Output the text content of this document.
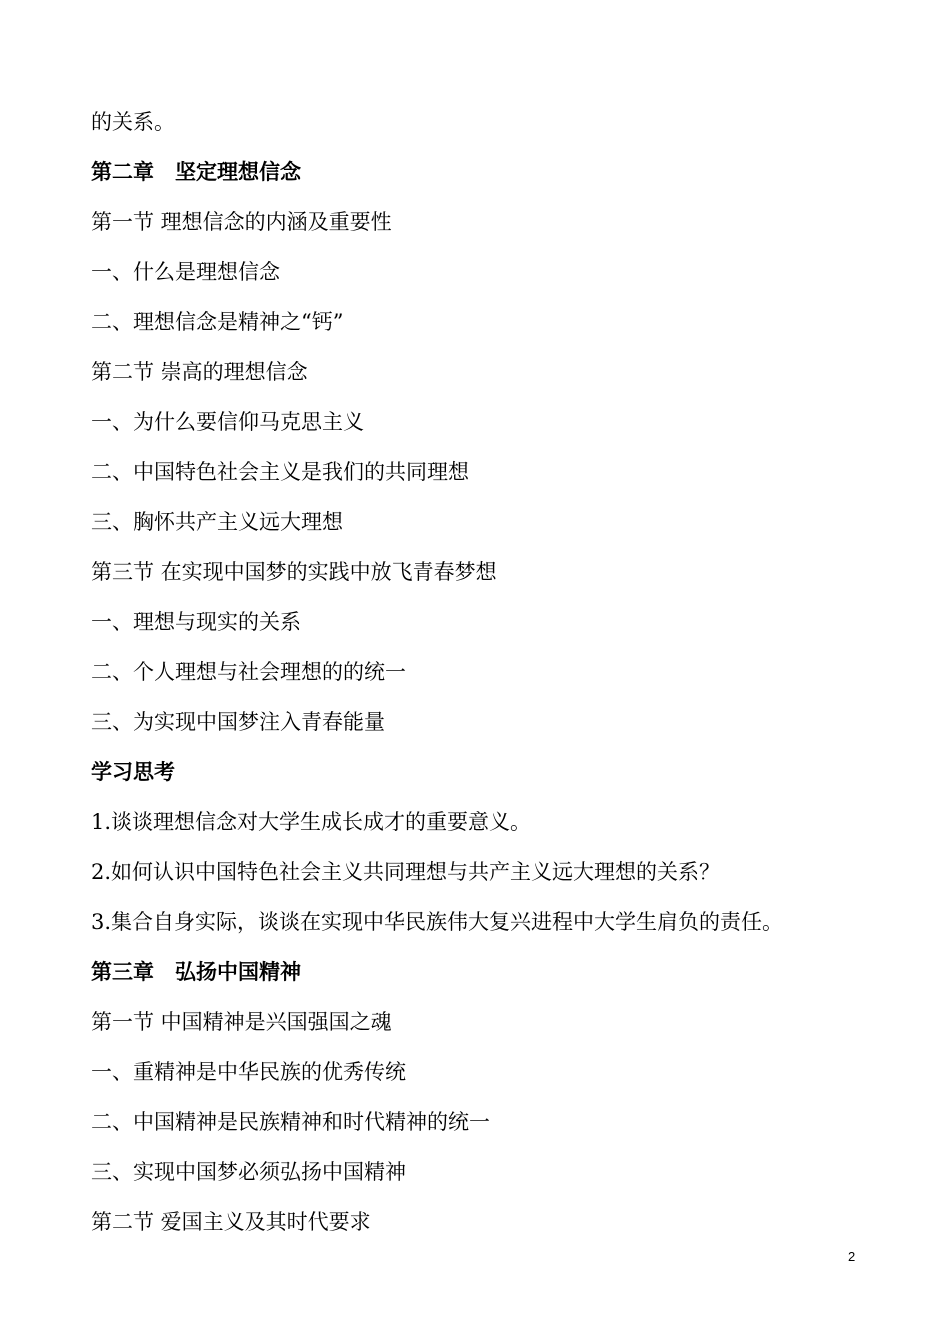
的关系。
第二章　坚定理想信念
第一节 理想信念的内涵及重要性
一、什么是理想信念
二、理想信念是精神之“钙”
第二节 崇高的理想信念
一、为什么要信仰马克思主义
二、中国特色社会主义是我们的共同理想
三、胸怀共产主义远大理想
第三节 在实现中国梦的实践中放飞青春梦想
一、理想与现实的关系
二、个人理想与社会理想的的统一
三、为实现中国梦注入青春能量
学习思考
1.谈谈理想信念对大学生成长成才的重要意义。
2.如何认识中国特色社会主义共同理想与共产主义远大理想的关系？
3.集合自身实际，谈谈在实现中华民族伟大复兴进程中大学生肩负的责任。
第三章　弘扬中国精神
第一节 中国精神是兴国强国之魂
一、重精神是中华民族的优秀传统
二、中国精神是民族精神和时代精神的统一
三、实现中国梦必须弘扬中国精神
第二节 爱国主义及其时代要求
2
